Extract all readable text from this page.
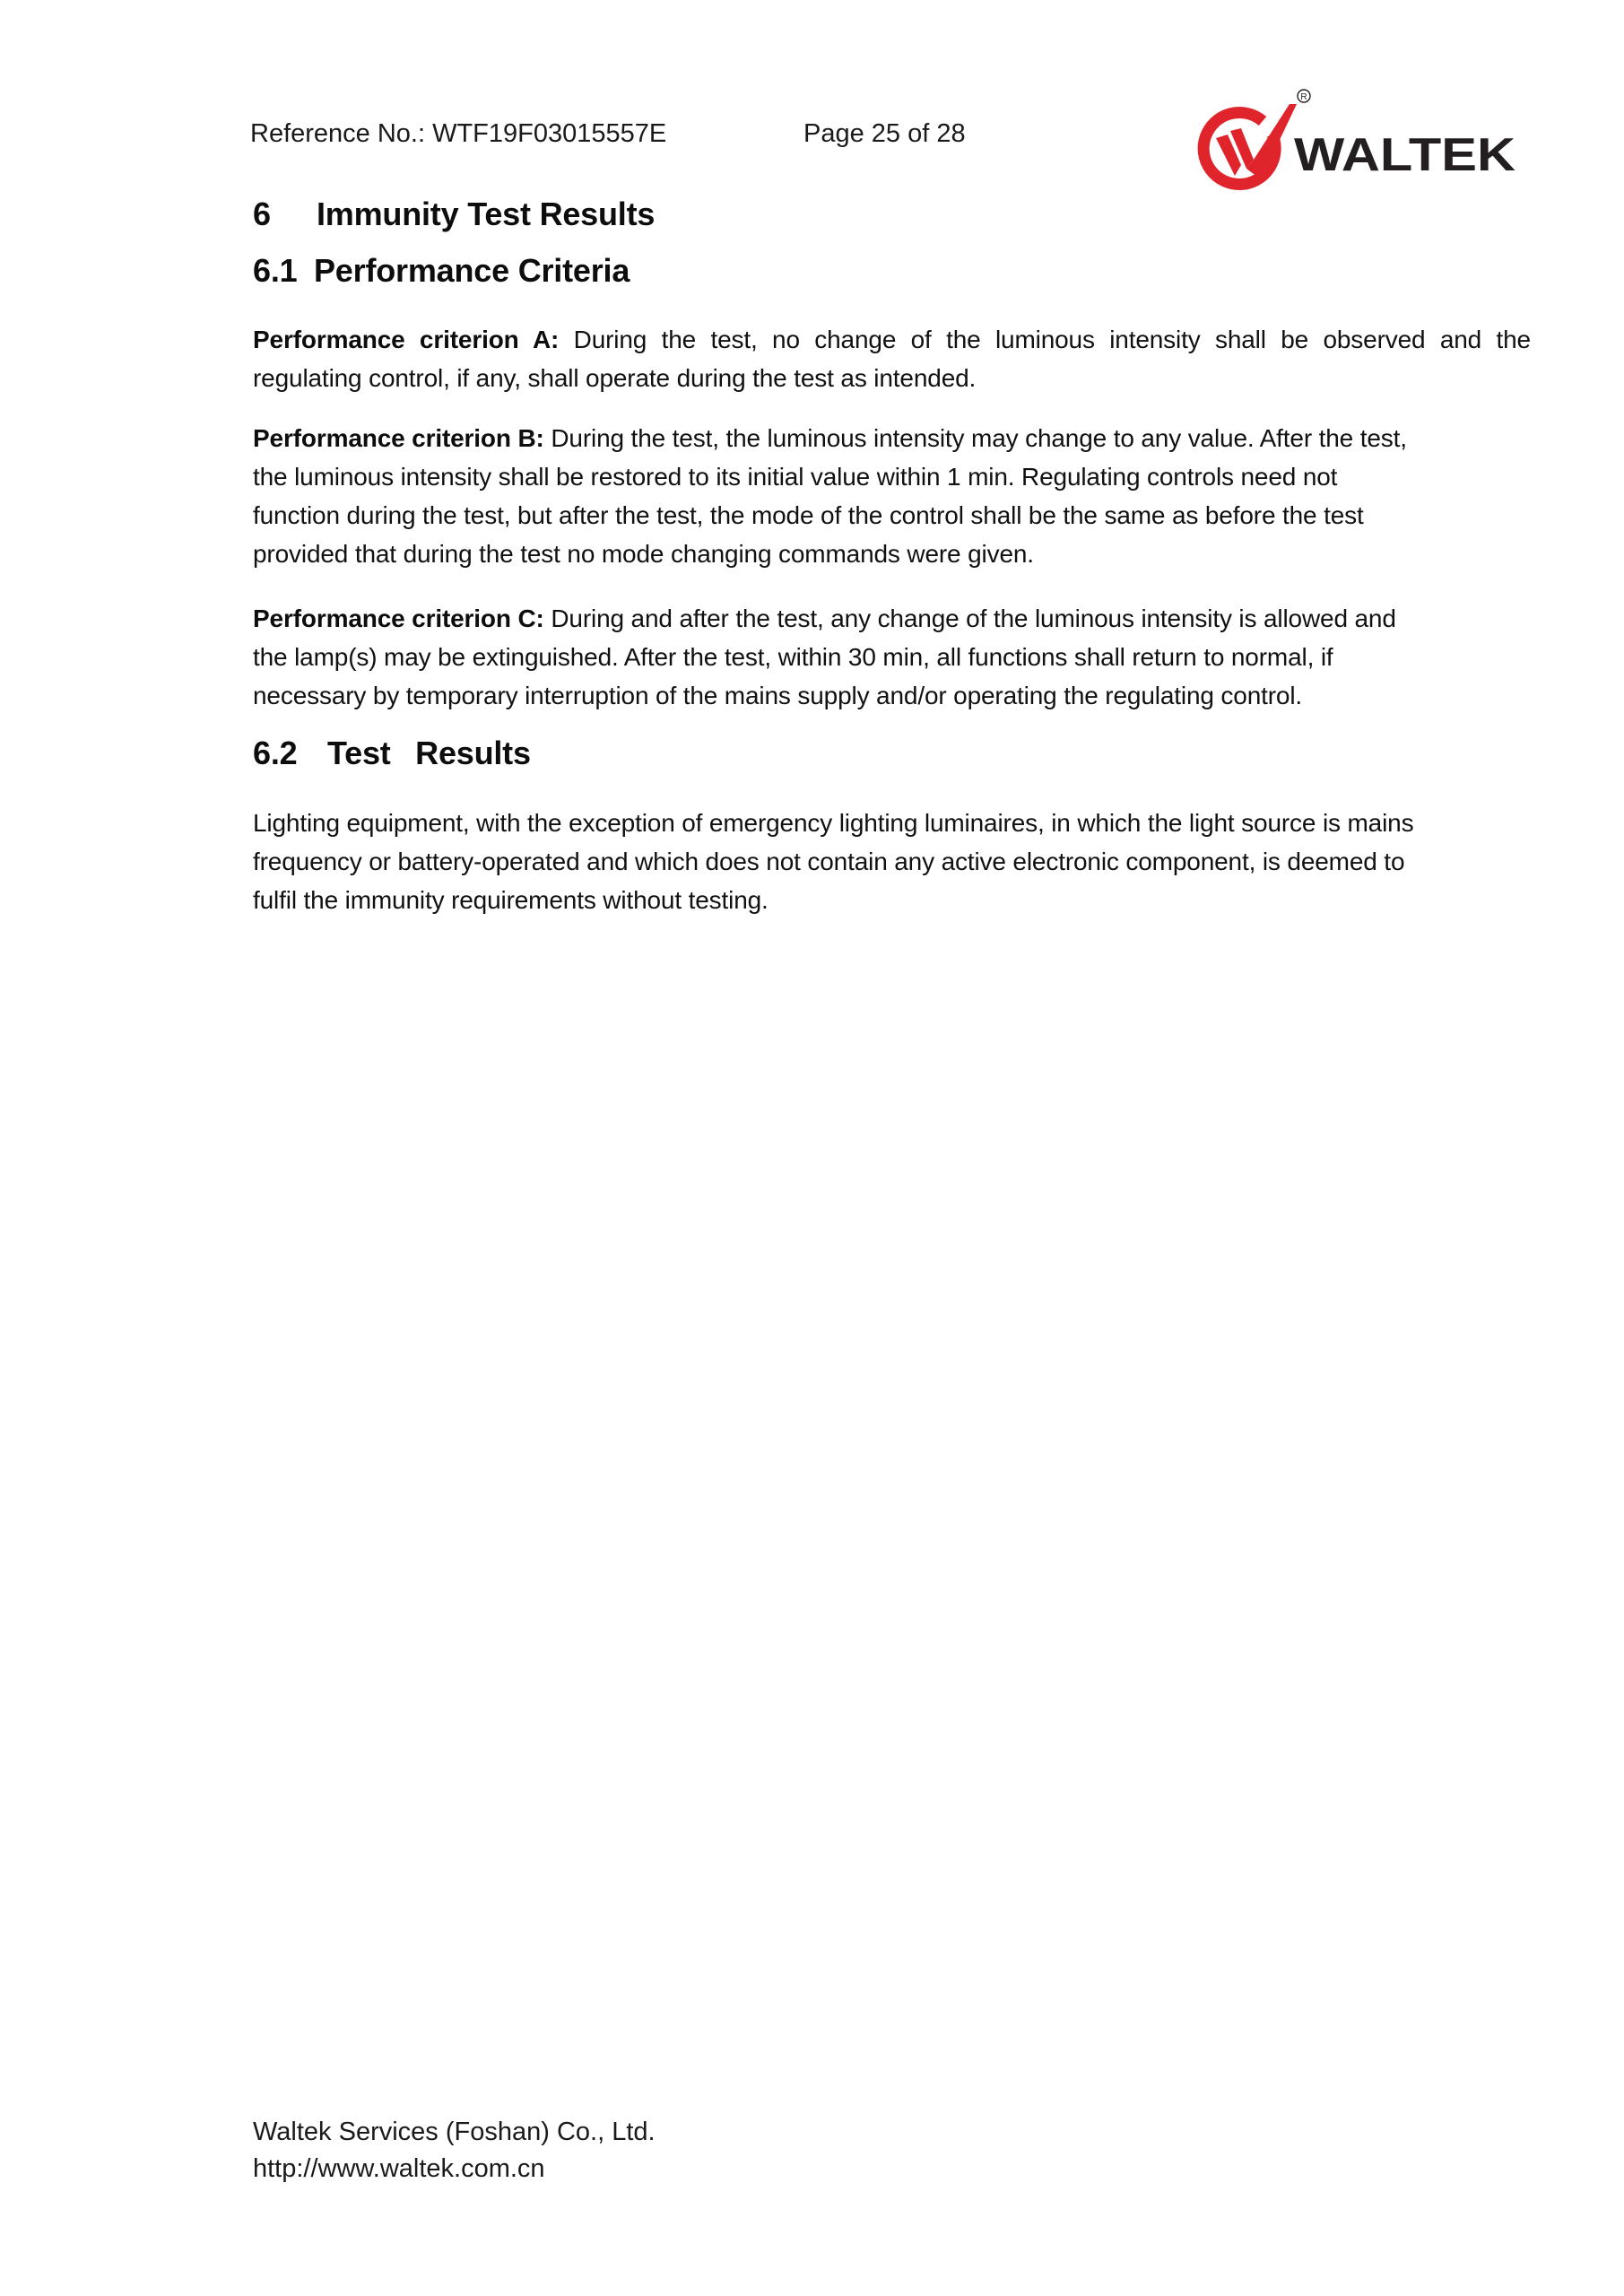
Reference No.: WTF19F03015557E	Page 25 of 28
R
WALTEK
6 Immunity Test Results
6.1 Performance Criteria
Performance criterion A: During the test, no change of the luminous intensity shall be observed and the
regulating control, if any, shall operate during the test as intended.
Performance criterion B: During the test, the luminous intensity may change to any value. After the test,
the luminous intensity shall be restored to its initial value within 1 min. Regulating controls need not
function during the test, but after the test, the mode of the control shall be the same as before the test
provided that during the test no mode changing commands were given.
Performance criterion C: During and after the test, any change of the luminous intensity is allowed and
the lamp(s) may be extinguished. After the test, within 30 min, all functions shall return to normal, if
necessary by temporary interruption of the mains supply and/or operating the regulating control.
6.2 Test  Results
Lighting equipment, with the exception of emergency lighting luminaires, in which the light source is mains
frequency or battery-operated and which does not contain any active electronic component, is deemed to
fulfil the immunity requirements without testing.
Waltek Services (Foshan) Co., Ltd.
http://www.waltek.com.cn
